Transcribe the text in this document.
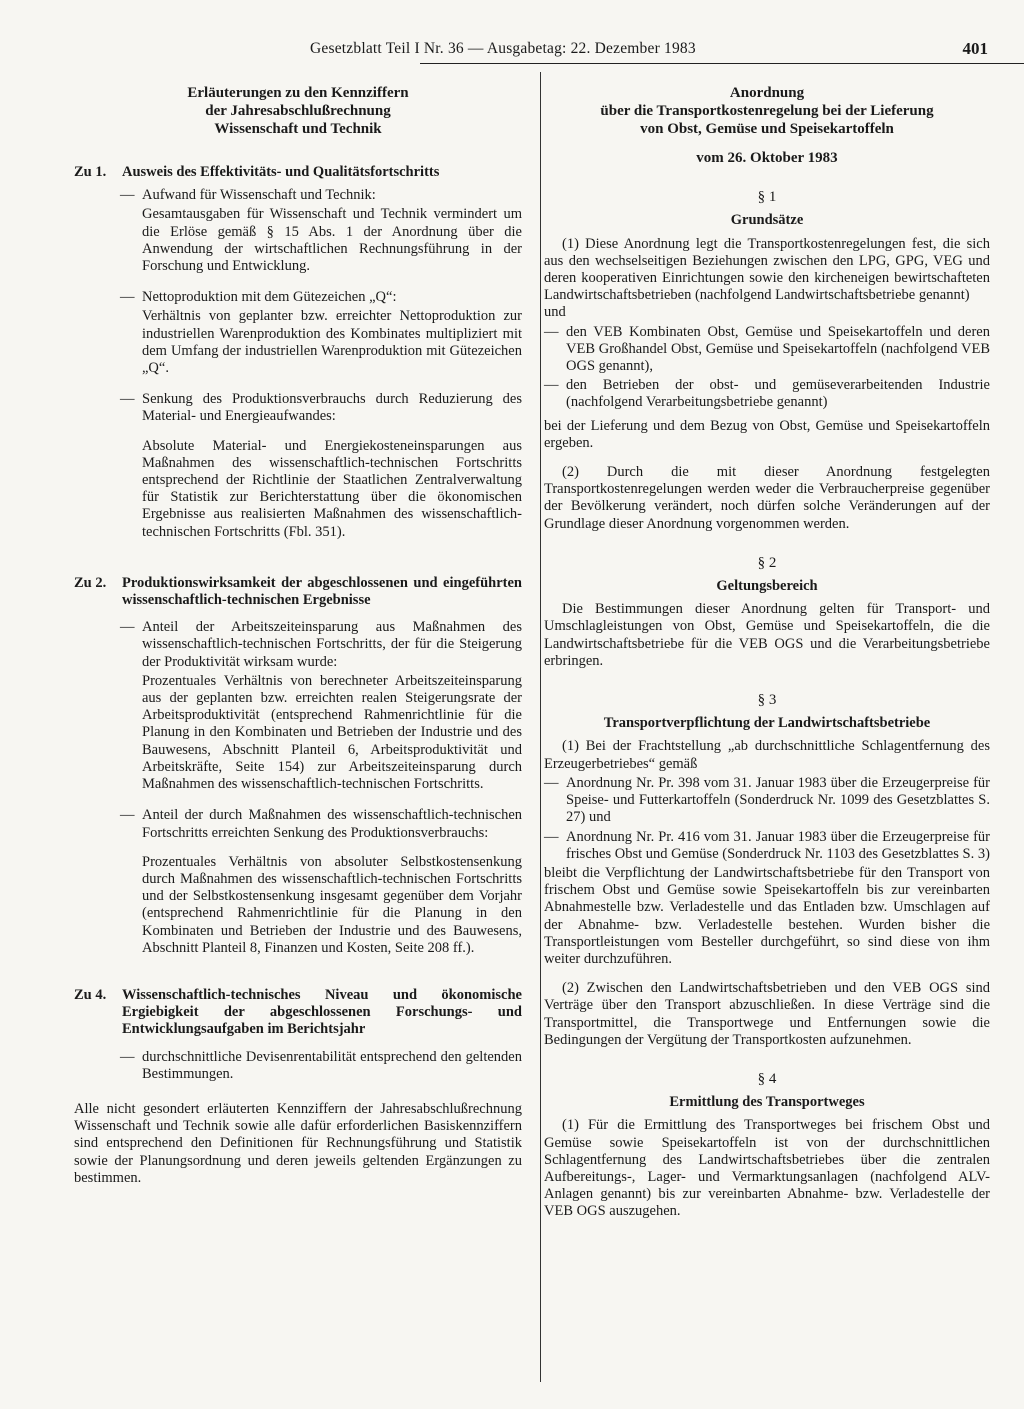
Gesetzblatt Teil I Nr. 36 — Ausgabetag: 22. Dezember 1983	401
Erläuterungen zu den Kennziffern
der Jahresabschlußrechnung
Wissenschaft und Technik
Zu 1.	Ausweis des Effektivitäts- und Qualitätsfortschritts
— Aufwand für Wissenschaft und Technik:
Gesamtausgaben für Wissenschaft und Technik vermindert um die Erlöse gemäß § 15 Abs. 1 der Anordnung über die Anwendung der wirtschaftlichen Rechnungsführung in der Forschung und Entwicklung.
— Nettoproduktion mit dem Gütezeichen „Q“:
Verhältnis von geplanter bzw. erreichter Nettoproduktion zur industriellen Warenproduktion des Kombinates multipliziert mit dem Umfang der industriellen Warenproduktion mit Gütezeichen „Q“.
— Senkung des Produktionsverbrauchs durch Reduzierung des Material- und Energieaufwandes:
Absolute Material- und Energiekosteneinsparungen aus Maßnahmen des wissenschaftlich-technischen Fortschritts entsprechend der Richtlinie der Staatlichen Zentralverwaltung für Statistik zur Berichterstattung über die ökonomischen Ergebnisse aus realisierten Maßnahmen des wissenschaftlich-technischen Fortschritts (Fbl. 351).
Zu 2.	Produktionswirksamkeit der abgeschlossenen und eingeführten wissenschaftlich-technischen Ergebnisse
— Anteil der Arbeitszeiteinsparung aus Maßnahmen des wissenschaftlich-technischen Fortschritts, der für die Steigerung der Produktivität wirksam wurde:
Prozentuales Verhältnis von berechneter Arbeitszeiteinsparung aus der geplanten bzw. erreichten realen Steigerungsrate der Arbeitsproduktivität (entsprechend Rahmenrichtlinie für die Planung in den Kombinaten und Betrieben der Industrie und des Bauwesens, Abschnitt Planteil 6, Arbeitsproduktivität und Arbeitskräfte, Seite 154) zur Arbeitszeiteinsparung durch Maßnahmen des wissenschaftlich-technischen Fortschritts.
— Anteil der durch Maßnahmen des wissenschaftlich-technischen Fortschritts erreichten Senkung des Produktionsverbrauchs:
Prozentuales Verhältnis von absoluter Selbstkostensenkung durch Maßnahmen des wissenschaftlich-technischen Fortschritts und der Selbstkostensenkung insgesamt gegenüber dem Vorjahr (entsprechend Rahmenrichtlinie für die Planung in den Kombinaten und Betrieben der Industrie und des Bauwesens, Abschnitt Planteil 8, Finanzen und Kosten, Seite 208 ff.).
Zu 4.	Wissenschaftlich-technisches Niveau und ökonomische Ergiebigkeit der abgeschlossenen Forschungs- und Entwicklungsaufgaben im Berichtsjahr
— durchschnittliche Devisenrentabilität entsprechend den geltenden Bestimmungen.
Alle nicht gesondert erläuterten Kennziffern der Jahresabschlußrechnung Wissenschaft und Technik sowie alle dafür erforderlichen Basiskennziffern sind entsprechend den Definitionen für Rechnungsführung und Statistik sowie der Planungsordnung und deren jeweils geltenden Ergänzungen zu bestimmen.
Anordnung
über die Transportkostenregelung bei der Lieferung
von Obst, Gemüse und Speisekartoffeln
vom 26. Oktober 1983
§ 1
Grundsätze
(1) Diese Anordnung legt die Transportkostenregelungen fest, die sich aus den wechselseitigen Beziehungen zwischen den LPG, GPG, VEG und deren kooperativen Einrichtungen sowie den kircheneigen bewirtschafteten Landwirtschaftsbetrieben (nachfolgend Landwirtschaftsbetriebe genannt)
und
— den VEB Kombinaten Obst, Gemüse und Speisekartoffeln und deren VEB Großhandel Obst, Gemüse und Speisekartoffeln (nachfolgend VEB OGS genannt),
— den Betrieben der obst- und gemüseverarbeitenden Industrie (nachfolgend Verarbeitungsbetriebe genannt)
bei der Lieferung und dem Bezug von Obst, Gemüse und Speisekartoffeln ergeben.
(2) Durch die mit dieser Anordnung festgelegten Transportkostenregelungen werden weder die Verbraucherpreise gegenüber der Bevölkerung verändert, noch dürfen solche Veränderungen auf der Grundlage dieser Anordnung vorgenommen werden.
§ 2
Geltungsbereich
Die Bestimmungen dieser Anordnung gelten für Transport- und Umschlagleistungen von Obst, Gemüse und Speisekartoffeln, die die Landwirtschaftsbetriebe für die VEB OGS und die Verarbeitungsbetriebe erbringen.
§ 3
Transportverpflichtung der Landwirtschaftsbetriebe
(1) Bei der Frachtstellung „ab durchschnittliche Schlagentfernung des Erzeugerbetriebes“ gemäß
— Anordnung Nr. Pr. 398 vom 31. Januar 1983 über die Erzeugerpreise für Speise- und Futterkartoffeln (Sonderdruck Nr. 1099 des Gesetzblattes S. 27) und
— Anordnung Nr. Pr. 416 vom 31. Januar 1983 über die Erzeugerpreise für frisches Obst und Gemüse (Sonderdruck Nr. 1103 des Gesetzblattes S. 3)
bleibt die Verpflichtung der Landwirtschaftsbetriebe für den Transport von frischem Obst und Gemüse sowie Speisekartoffeln bis zur vereinbarten Abnahmestelle bzw. Verladestelle und das Entladen bzw. Umschlagen auf der Abnahme- bzw. Verladestelle bestehen. Wurden bisher die Transportleistungen vom Besteller durchgeführt, so sind diese von ihm weiter durchzuführen.
(2) Zwischen den Landwirtschaftsbetrieben und den VEB OGS sind Verträge über den Transport abzuschließen. In diese Verträge sind die Transportmittel, die Transportwege und Entfernungen sowie die Bedingungen der Vergütung der Transportkosten aufzunehmen.
§ 4
Ermittlung des Transportweges
(1) Für die Ermittlung des Transportweges bei frischem Obst und Gemüse sowie Speisekartoffeln ist von der durchschnittlichen Schlagentfernung des Landwirtschaftsbetriebes über die zentralen Aufbereitungs-, Lager- und Vermarktungsanlagen (nachfolgend ALV-Anlagen genannt) bis zur vereinbarten Abnahme- bzw. Verladestelle der VEB OGS auszugehen.
